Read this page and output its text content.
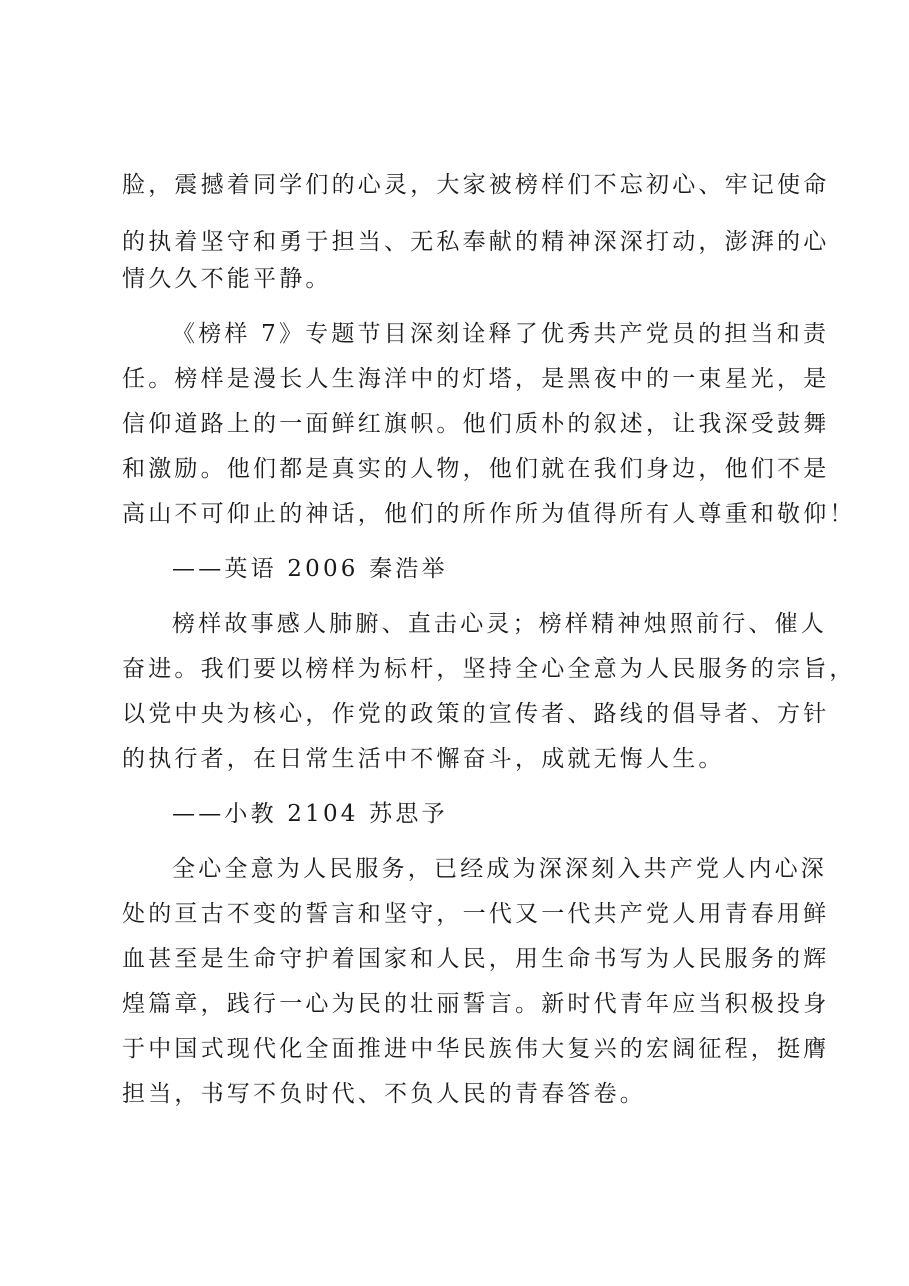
脸，震撼着同学们的心灵，大家被榜样们不忘初心、牢记使命
的执着坚守和勇于担当、无私奉献的精神深深打动，澎湃的心
情久久不能平静。
《榜样 7》专题节目深刻诠释了优秀共产党员的担当和责
任。榜样是漫长人生海洋中的灯塔，是黑夜中的一束星光，是
信仰道路上的一面鲜红旗帜。他们质朴的叙述，让我深受鼓舞
和激励。他们都是真实的人物，他们就在我们身边，他们不是
高山不可仰止的神话，他们的所作所为值得所有人尊重和敬仰！
——英语 2006 秦浩举
榜样故事感人肺腑、直击心灵；榜样精神烛照前行、催人
奋进。我们要以榜样为标杆，坚持全心全意为人民服务的宗旨，
以党中央为核心，作党的政策的宣传者、路线的倡导者、方针
的执行者，在日常生活中不懈奋斗，成就无悔人生。
——小教 2104 苏思予
全心全意为人民服务，已经成为深深刻入共产党人内心深
处的亘古不变的誓言和坚守，一代又一代共产党人用青春用鲜
血甚至是生命守护着国家和人民，用生命书写为人民服务的辉
煌篇章，践行一心为民的壮丽誓言。新时代青年应当积极投身
于中国式现代化全面推进中华民族伟大复兴的宏阔征程，挺膺
担当，书写不负时代、不负人民的青春答卷。
